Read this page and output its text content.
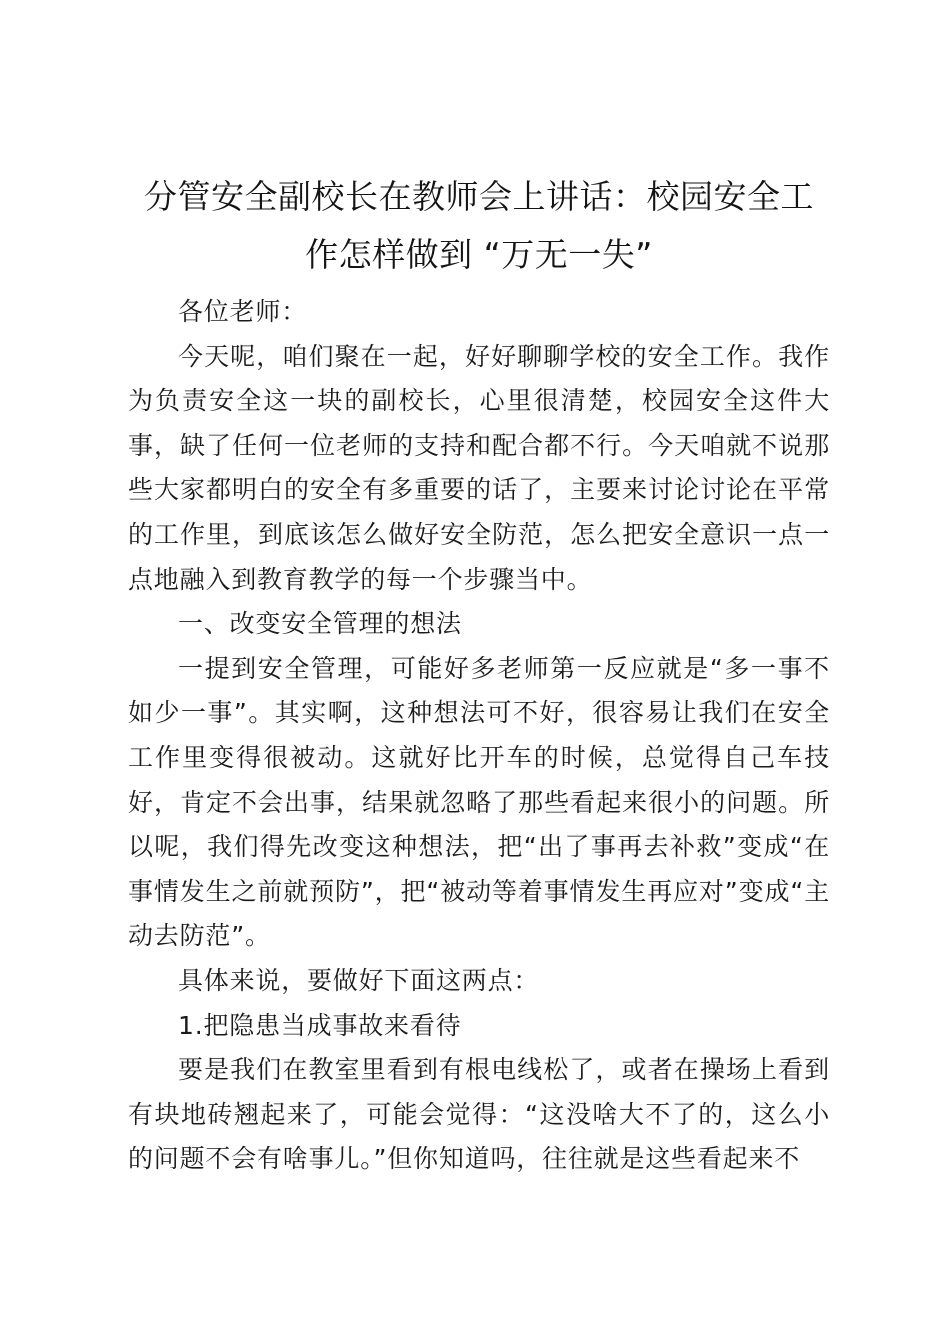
分管安全副校长在教师会上讲话：校园安全工作怎样做到 “万无一失”

各位老师：

今天呢，咱们聚在一起，好好聊聊学校的安全工作。我作为负责安全这一块的副校长，心里很清楚，校园安全这件大事，缺了任何一位老师的支持和配合都不行。今天咱就不说那些大家都明白的安全有多重要的话了，主要来讨论讨论在平常的工作里，到底该怎么做好安全防范，怎么把安全意识一点一点地融入到教育教学的每一个步骤当中。

一、改变安全管理的想法

一提到安全管理，可能好多老师第一反应就是“多一事不如少一事”。其实啊，这种想法可不好，很容易让我们在安全工作里变得很被动。这就好比开车的时候，总觉得自己车技好，肯定不会出事，结果就忽略了那些看起来很小的问题。所以呢，我们得先改变这种想法，把“出了事再去补救”变成“在事情发生之前就预防”，把“被动等着事情发生再应对”变成“主动去防范”。

具体来说，要做好下面这两点：

1.把隐患当成事故来看待

要是我们在教室里看到有根电线松了，或者在操场上看到有块地砖翘起来了，可能会觉得：“这没啥大不了的，这么小的问题不会有啥事儿。”但你知道吗，往往就是这些看起来不
